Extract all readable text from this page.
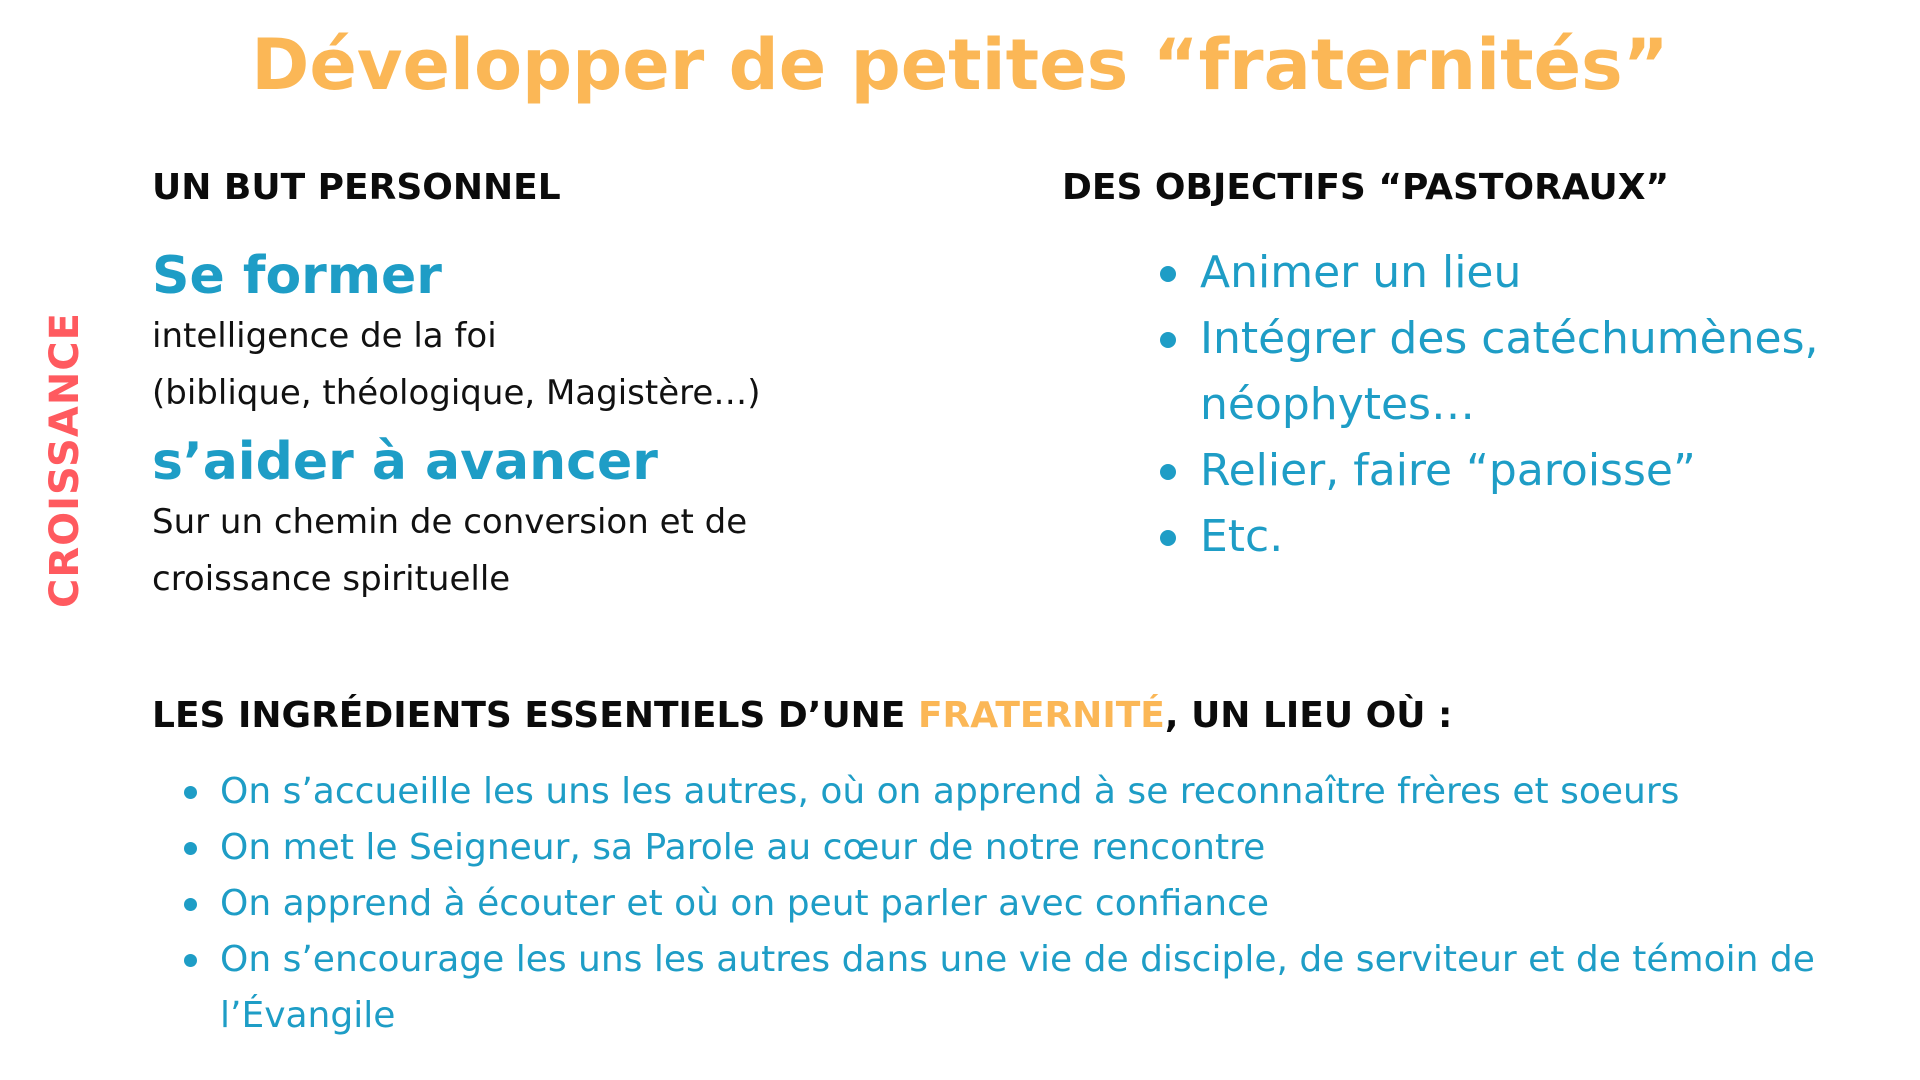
Développer de petites “fraternités”
CROISSANCE
UN BUT PERSONNEL	DES OBJECTIFS “PASTORAUX”
Se former
intelligence de la foi
(biblique, théologique, Magistère…)
s’aider à avancer
Sur un chemin de conversion et de
croissance spirituelle
Animer un lieu
Intégrer des catéchumènes, néophytes…
Relier, faire “paroisse”
Etc.
LES INGRÉDIENTS ESSENTIELS D’UNE FRATERNITÉ, UN LIEU OÙ :
On s’accueille les uns les autres, où on apprend à se reconnaître frères et soeurs
On met le Seigneur, sa Parole au cœur de notre rencontre
On apprend à écouter et où on peut parler avec confiance
On s’encourage les uns les autres dans une vie de disciple, de serviteur et de témoin de l’Évangile
